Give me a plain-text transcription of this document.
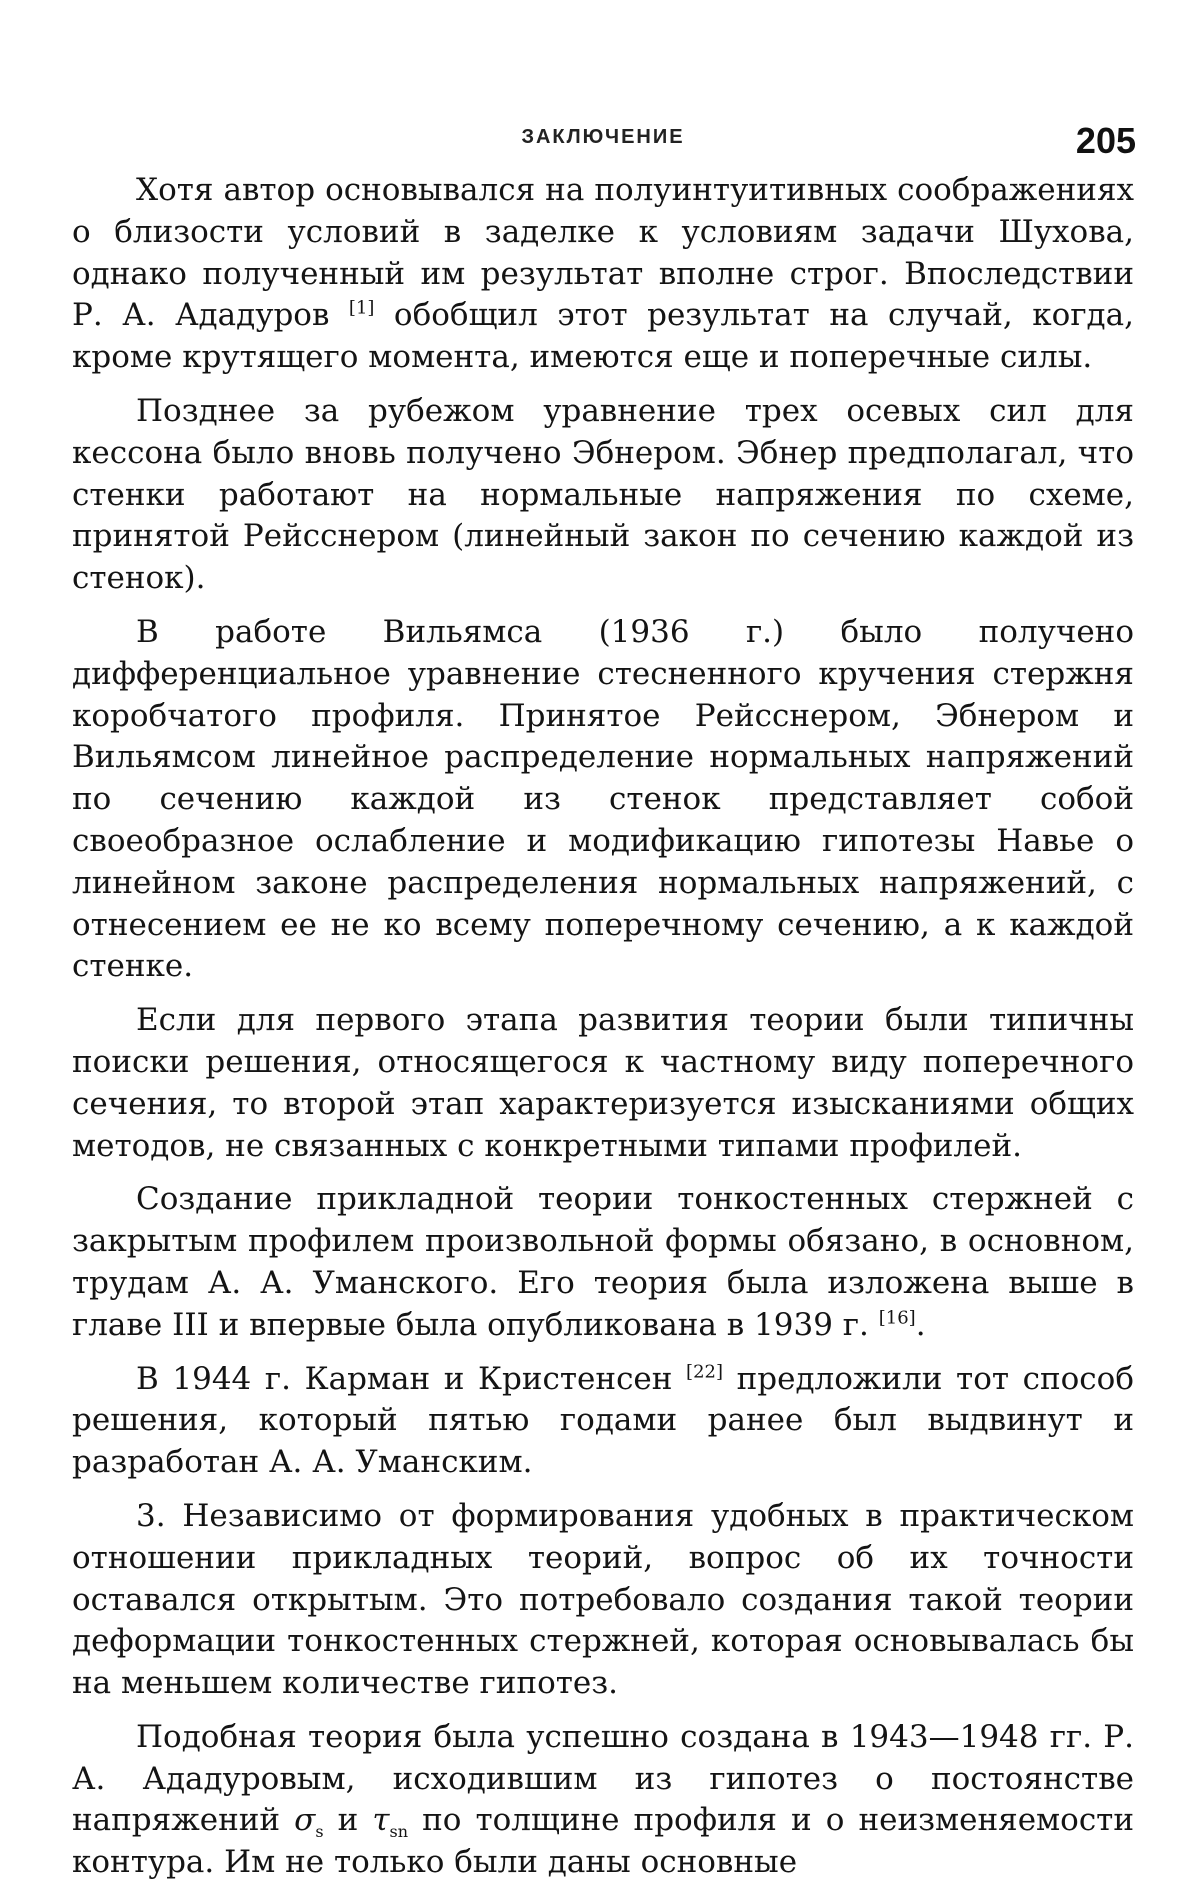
ЗАКЛЮЧЕНИЕ	205

Хотя автор основывался на полуинтуитивных соображениях о близости условий в заделке к условиям задачи Шухова, однако полученный им результат вполне строг. Впоследствии Р. А. Ададуров [1] обобщил этот результат на случай, когда, кроме крутящего момента, имеются еще и поперечные силы.

Позднее за рубежом уравнение трех осевых сил для кессона было вновь получено Эбнером. Эбнер предполагал, что стенки работают на нормальные напряжения по схеме, принятой Рейсснером (линейный закон по сечению каждой из стенок).

В работе Вильямса (1936 г.) было получено дифференциальное уравнение стесненного кручения стержня коробчатого профиля. Принятое Рейсснером, Эбнером и Вильямсом линейное распределение нормальных напряжений по сечению каждой из стенок представляет собой своеобразное ослабление и модификацию гипотезы Навье о линейном законе распределения нормальных напряжений, с отнесением ее не ко всему поперечному сечению, а к каждой стенке.

Если для первого этапа развития теории были типичны поиски решения, относящегося к частному виду поперечного сечения, то второй этап характеризуется изысканиями общих методов, не связанных с конкретными типами профилей.

Создание прикладной теории тонкостенных стержней с закрытым профилем произвольной формы обязано, в основном, трудам А. А. Уманского. Его теория была изложена выше в главе III и впервые была опубликована в 1939 г. [16].

В 1944 г. Карман и Кристенсен [22] предложили тот способ решения, который пятью годами ранее был выдвинут и разработан А. А. Уманским.

3. Независимо от формирования удобных в практическом отношении прикладных теорий, вопрос об их точности оставался открытым. Это потребовало создания такой теории деформации тонкостенных стержней, которая основывалась бы на меньшем количестве гипотез.

Подобная теория была успешно создана в 1943—1948 гг. Р. А. Ададуровым, исходившим из гипотез о постоянстве напряжений $\sigma_s$ и $\tau_{sn}$ по толщине профиля и о неизменяемости контура. Им не только были даны основные
